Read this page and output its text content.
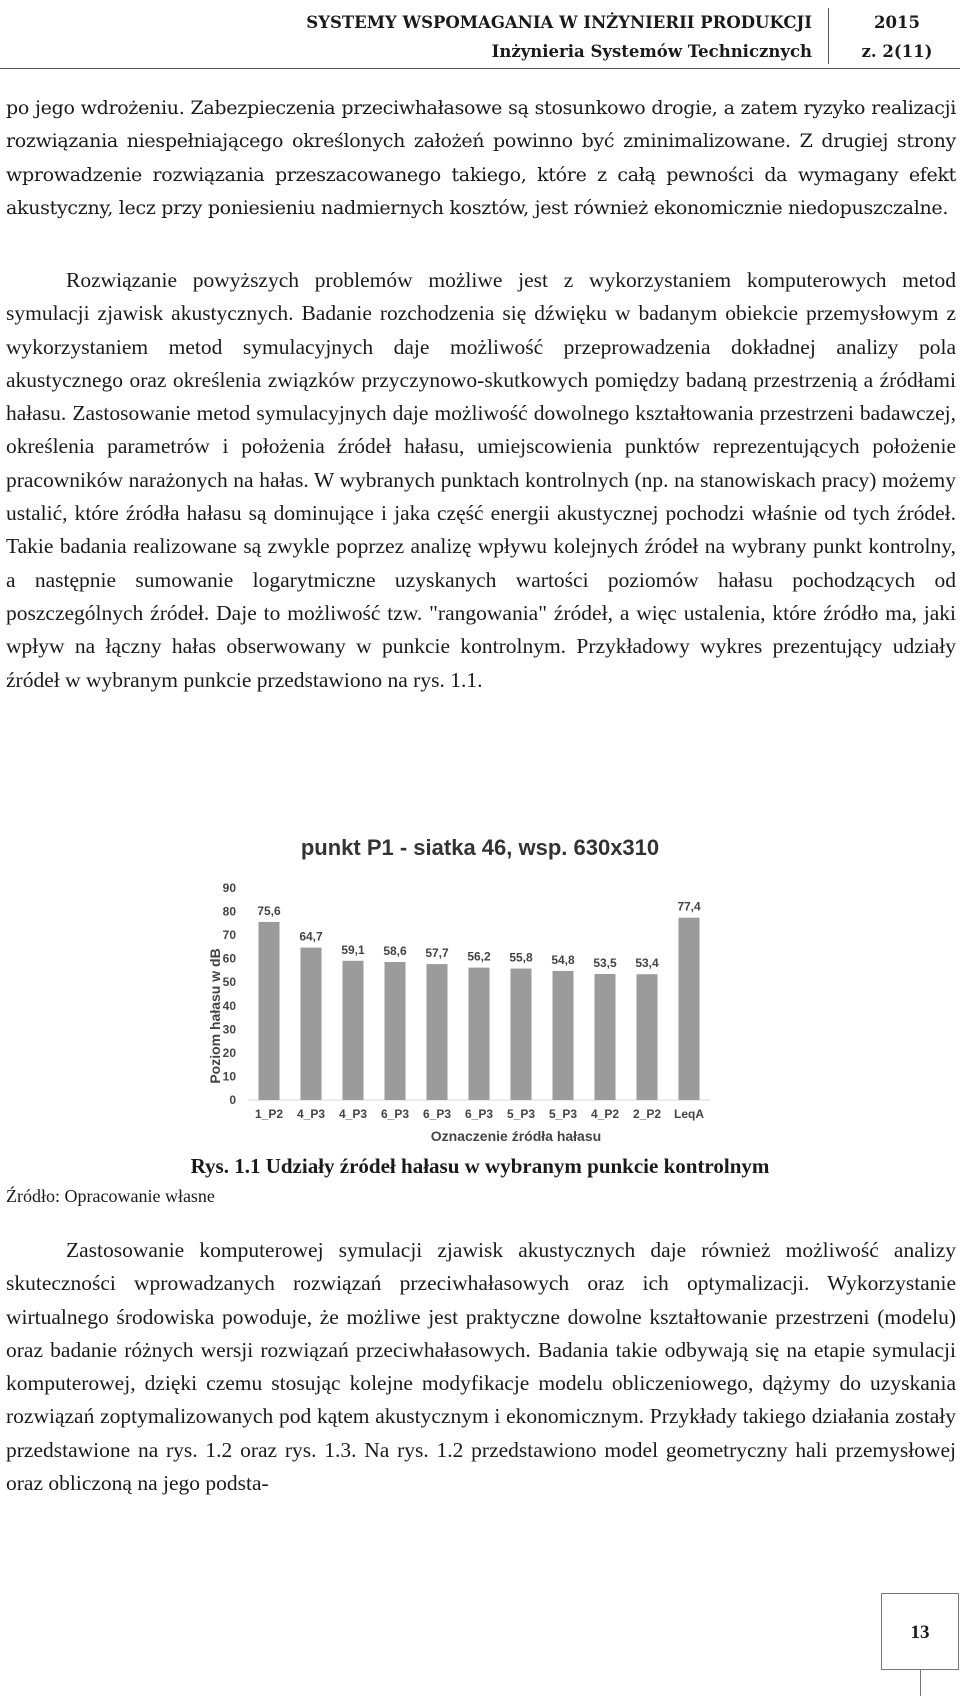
SYSTEMY WSPOMAGANIA W INŻYNIERII PRODUKCJI
Inżynieria Systemów Technicznych
2015
z. 2(11)

po jego wdrożeniu. Zabezpieczenia przeciwhałasowe są stosunkowo drogie, a zatem ryzyko realizacji rozwiązania niespełniającego określonych założeń powinno być zminimalizowane. Z drugiej strony wprowadzenie rozwiązania przeszacowanego takiego, które z całą pewności da wymagany efekt akustyczny, lecz przy poniesieniu nadmiernych kosztów, jest również ekonomicznie niedopuszczalne.

Rozwiązanie powyższych problemów możliwe jest z wykorzystaniem komputerowych metod symulacji zjawisk akustycznych. Badanie rozchodzenia się dźwięku w badanym obiekcie przemysłowym z wykorzystaniem metod symulacyjnych daje możliwość przeprowadzenia dokładnej analizy pola akustycznego oraz określenia związków przyczynowo-skutkowych pomiędzy badaną przestrzenią a źródłami hałasu. Zastosowanie metod symulacyjnych daje możliwość dowolnego kształtowania przestrzeni badawczej, określenia parametrów i położenia źródeł hałasu, umiejscowienia punktów reprezentujących położenie pracowników narażonych na hałas. W wybranych punktach kontrolnych (np. na stanowiskach pracy) możemy ustalić, które źródła hałasu są dominujące i jaka część energii akustycznej pochodzi właśnie od tych źródeł. Takie badania realizowane są zwykle poprzez analizę wpływu kolejnych źródeł na wybrany punkt kontrolny, a następnie sumowanie logarytmiczne uzyskanych wartości poziomów hałasu pochodzących od poszczególnych źródeł. Daje to możliwość tzw. "rangowania" źródeł, a więc ustalenia, które źródło ma, jaki wpływ na łączny hałas obserwowany w punkcie kontrolnym. Przykładowy wykres prezentujący udziały źródeł w wybranym punkcie przedstawiono na rys. 1.1.

punkt P1 - siatka 46, wsp. 630x310
Poziom hałasu w dB
Oznaczenie źródła hałasu
0
10
20
30
40
50
60
70
80
90
75,6
1_P2
64,7
4_P3
59,1
4_P3
58,6
6_P3
57,7
6_P3
56,2
6_P3
55,8
5_P3
54,8
5_P3
53,5
4_P2
53,4
2_P2
77,4
LeqA
Rys. 1.1 Udziały źródeł hałasu w wybranym punkcie kontrolnym
Źródło: Opracowanie własne

Zastosowanie komputerowej symulacji zjawisk akustycznych daje również możliwość analizy skuteczności wprowadzanych rozwiązań przeciwhałasowych oraz ich optymalizacji. Wykorzystanie wirtualnego środowiska powoduje, że możliwe jest praktyczne dowolne kształtowanie przestrzeni (modelu) oraz badanie różnych wersji rozwiązań przeciwhałasowych. Badania takie odbywają się na etapie symulacji komputerowej, dzięki czemu stosując kolejne modyfikacje modelu obliczeniowego, dążymy do uzyskania rozwiązań zoptymalizowanych pod kątem akustycznym i ekonomicznym. Przykłady takiego działania zostały przedstawione na rys. 1.2 oraz rys. 1.3. Na rys. 1.2 przedstawiono model geometryczny hali przemysłowej oraz obliczoną na jego podsta-

13
